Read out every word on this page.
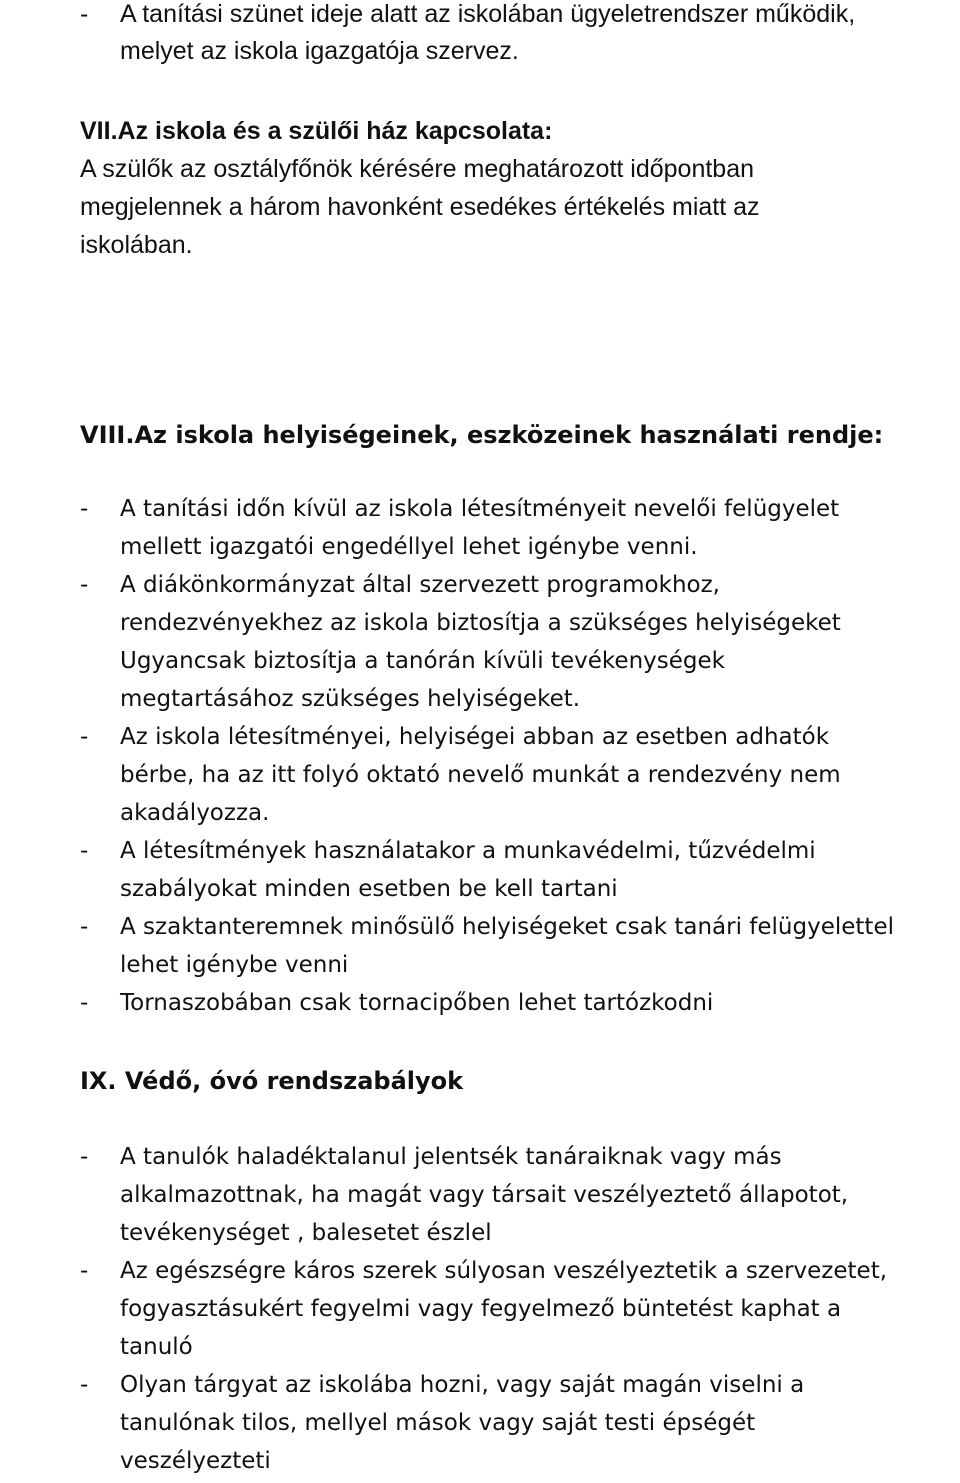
- A tanítási szünet ideje alatt az iskolában ügyeletrendszer működik,
melyet az iskola igazgatója szervez.
VII.Az iskola és a szülői ház kapcsolata:
A szülők az osztályfőnök kérésére meghatározott időpontban
megjelennek a három havonként esedékes értékelés miatt az
iskolában.
VIII.Az iskola helyiségeinek, eszközeinek használati rendje:
- A tanítási időn kívül az iskola létesítményeit nevelői felügyelet
mellett igazgatói engedéllyel lehet igénybe venni.
- A diákönkormányzat által szervezett programokhoz,
rendezvényekhez az iskola biztosítja a szükséges helyiségeket
Ugyancsak biztosítja a tanórán kívüli tevékenységek
megtartásához szükséges helyiségeket.
- Az iskola létesítményei, helyiségei abban az esetben adhatók
bérbe, ha az itt folyó oktató nevelő munkát a rendezvény nem
akadályozza.
- A létesítmények használatakor a munkavédelmi, tűzvédelmi
szabályokat minden esetben be kell tartani
- A szaktanteremnek minősülő helyiségeket csak tanári felügyelettel
lehet igénybe venni
- Tornaszobában csak tornacipőben lehet tartózkodni
IX. Védő, óvó rendszabályok
- A tanulók haladéktalanul jelentsék tanáraiknak vagy más
alkalmazottnak, ha magát vagy társait veszélyeztető állapotot,
tevékenységet , balesetet észlel
- Az egészségre káros szerek súlyosan veszélyeztetik a szervezetet,
fogyasztásukért fegyelmi vagy fegyelmező büntetést kaphat a
tanuló
- Olyan tárgyat az iskolába hozni, vagy saját magán viselni a
tanulónak tilos, mellyel mások vagy saját testi épségét
veszélyezteti
